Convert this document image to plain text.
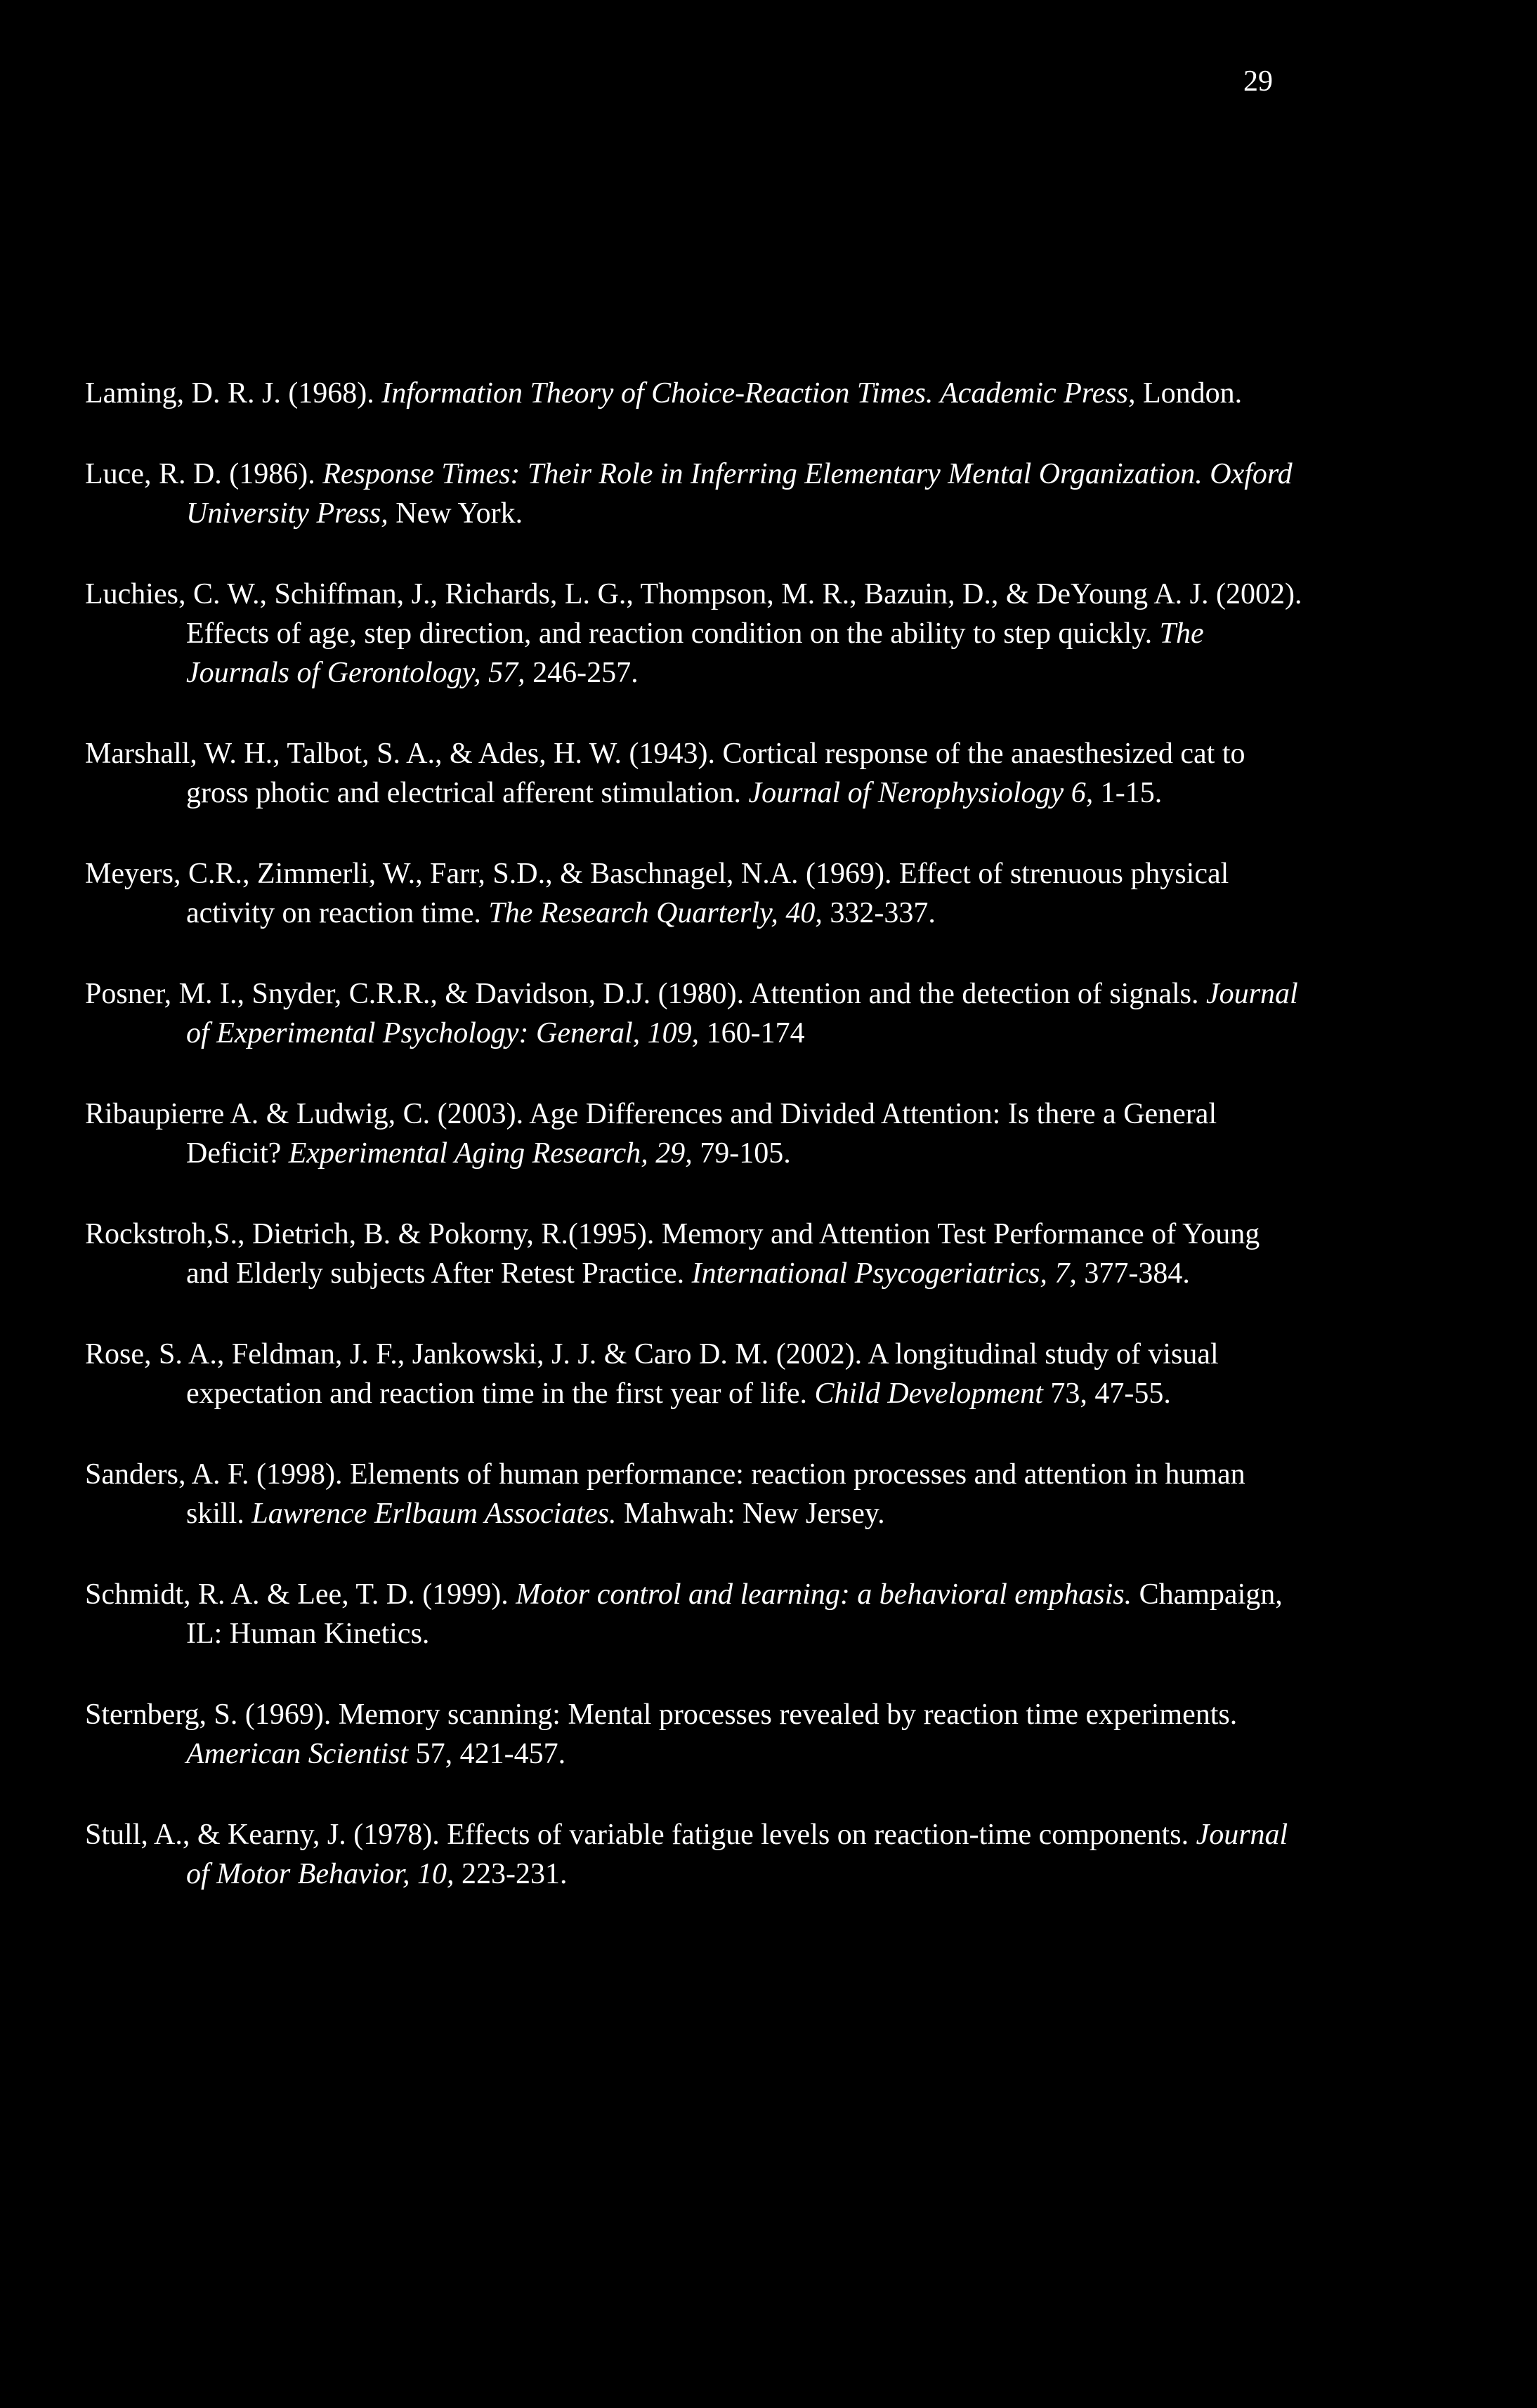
29

Laming, D. R. J. (1968). Information Theory of Choice-Reaction Times. Academic Press, London.

Luce, R. D. (1986). Response Times: Their Role in Inferring Elementary Mental Organization. Oxford University Press, New York.

Luchies, C. W., Schiffman, J., Richards, L. G., Thompson, M. R., Bazuin, D., & DeYoung A. J. (2002). Effects of age, step direction, and reaction condition on the ability to step quickly. The Journals of Gerontology, 57, 246-257.

Marshall, W. H., Talbot, S. A., & Ades, H. W. (1943). Cortical response of the anaesthesized cat to gross photic and electrical afferent stimulation. Journal of Nerophysiology 6, 1-15.

Meyers, C.R., Zimmerli, W., Farr, S.D., & Baschnagel, N.A. (1969). Effect of strenuous physical activity on reaction time. The Research Quarterly, 40, 332-337.

Posner, M. I., Snyder, C.R.R., & Davidson, D.J. (1980). Attention and the detection of signals. Journal of Experimental Psychology: General, 109, 160-174

Ribaupierre A. & Ludwig, C. (2003). Age Differences and Divided Attention: Is there a General Deficit? Experimental Aging Research, 29, 79-105.

Rockstroh,S., Dietrich, B. & Pokorny, R.(1995). Memory and Attention Test Performance of Young and Elderly subjects After Retest Practice. International Psycogeriatrics, 7, 377-384.

Rose, S. A., Feldman, J. F., Jankowski, J. J. & Caro D. M. (2002). A longitudinal study of visual expectation and reaction time in the first year of life. Child Development 73, 47-55.

Sanders, A. F. (1998). Elements of human performance: reaction processes and attention in human skill. Lawrence Erlbaum Associates. Mahwah: New Jersey.

Schmidt, R. A. & Lee, T. D. (1999). Motor control and learning: a behavioral emphasis. Champaign, IL: Human Kinetics.

Sternberg, S. (1969). Memory scanning: Mental processes revealed by reaction time experiments. American Scientist 57, 421-457.

Stull, A., & Kearny, J. (1978). Effects of variable fatigue levels on reaction-time components. Journal of Motor Behavior, 10, 223-231.
